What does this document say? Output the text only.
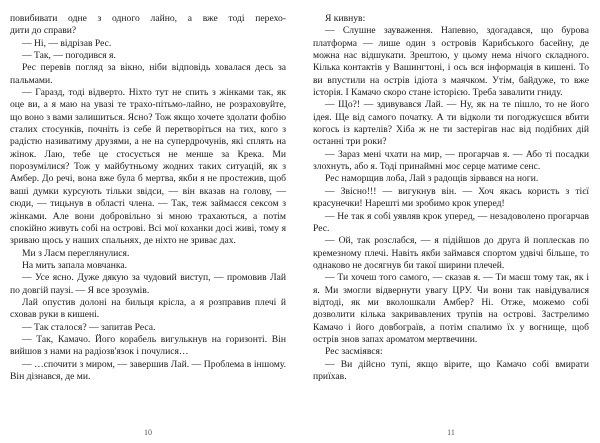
повибивати одне з одного лайно, а вже тоді перехо-

дити до справи?

— Ні, — відрізав Рес.

— Так, — погодився я.

Рес перевів погляд за вікно, ніби відповідь ховалася десь за пальмами.

— Гаразд, тоді відверто. Ніхто тут не спить з жінками так, як оце ви, а я маю на увазі те трахо-пітьмо-лайно, не розраховуйте, що воно з вами залишиться. Ясно? Тож якщо хочете здолати фобію сталих стосунків, почніть із себе й перетворіться на тих, кого з радістю називатиму друзями, а не на супердрочунів, які сплять на жінок. Лаю, тебе це стосується не менше за Крека. Ми порозумілися? Тож у майбутньому жодних таких ситуацій, як з Амбер. До речі, вона вже була б мертва, якби я не простежив, щоб ваші думки курсують тільки звідси, — він вказав на голову, — сюди, — тицьнув в області члена. — Так, теж займаєся сексом з жінками. Але вони добровільно зі мною трахаються, а потім спокійно живуть собі на острові. Всі мої коханки досі живі, тому я зриваю щось у наших спальнях, де ніхто не зриває дах.

Ми з Ласм переглянулися.

На мить запала мовчанка.

— Усе ясно. Дуже дякую за чудовий виступ, — промовив Лай по довгій паузі. — Я все зрозумів.

Лай опустив долоні на бильця крісла, а я розправив плечі й сховав руки в кишені.

— Так сталося? — запитав Реса.

— Так, Камачо. Його корабель вигулькнув на горизонті. Він вийшов з нами на радіозв'язок і почулися…

— …спочити з миром, — завершив Лай. — Проблема в іншому. Він дізнався, де ми.

10

Я кивнув:

— Слушне зауваження. Напевно, здогадався, що бурова платформа — лише один з островів Карибського басейну, де можна нас відшукати. Зрештою, у цьому нема нічого складного. Кілька контактів у Вашингтоні, і ось вся інформація в кишені. То ви впустили на острів ідіота з маячком. Утім, байдуже, то вже історія. І Камачо скоро стане історією. Треба завалити гниду.

— Що?! — здивувався Лай. — Ну, як на те пішло, то не його ідея. Ще від самого початку. А ти відколи ти погоджуєшся вбити когось із картелів? Хіба ж не ти застерігав нас від подібних дій останні три роки?

— Зараз мені чхати на мир, — прогарчав я. — Або ті посадки злохнуть, або я. Тоді принаймні моє серце матиме сенс.

Рес наморщив лоба, Лай з радощів зірвався на ноги.

— Звісно!!! — вигукнув він. — Хоч якась користь з тієї красунечки! Нарешті ми зробимо крок уперед!

— Не так я собі уявляв крок уперед, — незадоволено прогарчав Рес.

— Ой, так розслабся, — я підійшов до друга й поплескав по кремезному плечі. Навіть якби займався спортом удвічі більше, то однаково не досягнув би такої ширини плечей.

— Ти хочеш того самого, — сказав я. — Ти маєш тому так, як і я. Ми змогли відвернути увагу ЦРУ. Чи вони так навідувалися відтоді, як ми вколошкали Амбер? Ні. Отже, можемо собі дозволити кілька закривавлених трупів на острові. Застрелимо Камачо і його довбограїв, а потім спалимо їх у вогнище, щоб острів знов запах ароматом мертвечини.

Рес засміявся:

— Ви дійсно тупі, якщо вірите, що Камачо собі вмирати приїхав.

11
